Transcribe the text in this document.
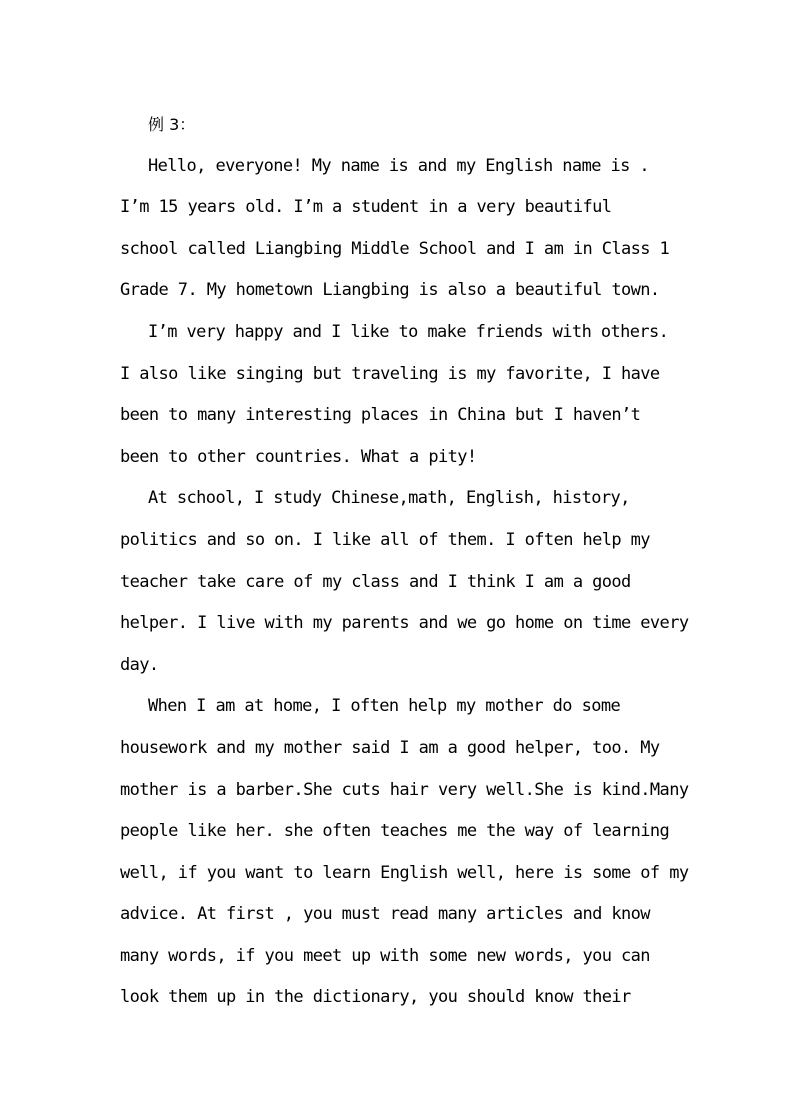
例 3：
Hello, everyone! My name is and my English name is .
I’m 15 years old. I’m a student in a very beautiful
school called Liangbing Middle School and I am in Class 1
Grade 7. My hometown Liangbing is also a beautiful town.
I’m very happy and I like to make friends with others.
I also like singing but traveling is my favorite, I have
been to many interesting places in China but I haven’t
been to other countries. What a pity!
At school, I study Chinese,math, English, history,
politics and so on. I like all of them. I often help my
teacher take care of my class and I think I am a good
helper. I live with my parents and we go home on time every
day.
When I am at home, I often help my mother do some
housework and my mother said I am a good helper, too. My
mother is a barber.She cuts hair very well.She is kind.Many
people like her. she often teaches me the way of learning
well, if you want to learn English well, here is some of my
advice. At first , you must read many articles and know
many words, if you meet up with some new words, you can
look them up in the dictionary, you should know their
